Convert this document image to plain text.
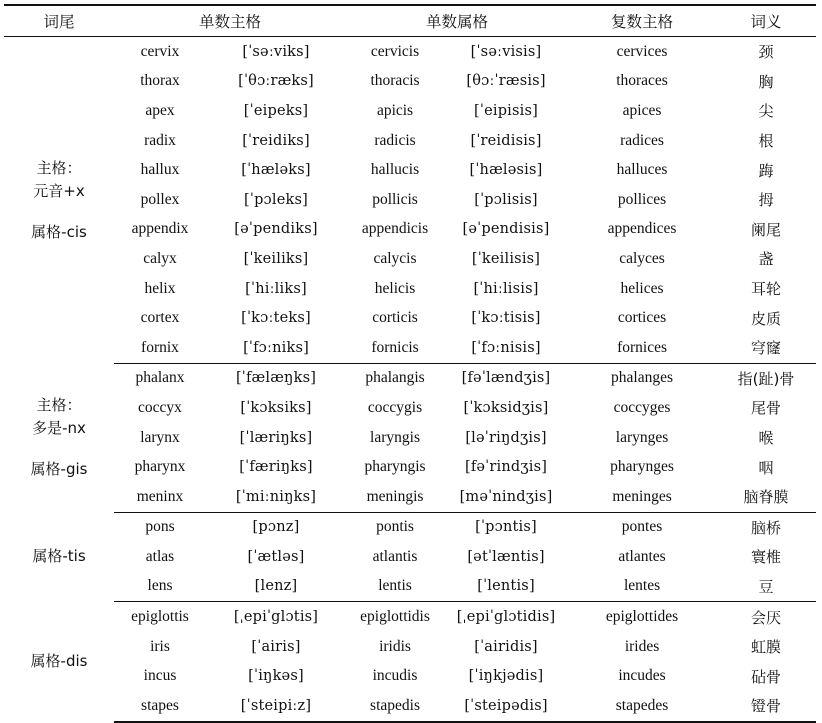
词尾	单数主格		单数属格		复数主格	词义

主格：
元音+x
属格-cis	cervix	[ˈsəːviks]	cervicis	[ˈsəːvisis]	cervices	颈
	thorax	[ˈθɔːræks]	thoracis	[θɔːˈræsis]	thoraces	胸
	apex	[ˈeipeks]	apicis	[ˈeipisis]	apices	尖
	radix	[ˈreidiks]	radicis	[ˈreidisis]	radices	根
	hallux	[ˈhæləks]	hallucis	[ˈhæləsis]	halluces	踇
	pollex	[ˈpɔleks]	pollicis	[ˈpɔlisis]	pollices	拇
	appendix	[əˈpendiks]	appendicis	[əˈpendisis]	appendices	阑尾
	calyx	[ˈkeiliks]	calycis	[ˈkeilisis]	calyces	盏
	helix	[ˈhiːliks]	helicis	[ˈhiːlisis]	helices	耳轮
	cortex	[ˈkɔːteks]	corticis	[ˈkɔːtisis]	cortices	皮质
	fornix	[ˈfɔːniks]	fornicis	[ˈfɔːnisis]	fornices	穹窿

主格：
多是-nx
属格-gis	phalanx	[ˈfælæŋks]	phalangis	[fəˈlændʒis]	phalanges	指(趾)骨
	coccyx	[ˈkɔksiks]	coccygis	[ˈkɔksidʒis]	coccyges	尾骨
	larynx	[ˈlæriŋks]	laryngis	[ləˈriŋdʒis]	larynges	喉
	pharynx	[ˈfæriŋks]	pharyngis	[fəˈrindʒis]	pharynges	咽
	meninx	[ˈmiːniŋks]	meningis	[məˈnindʒis]	meninges	脑脊膜

属格-tis	pons	[pɔnz]	pontis	[ˈpɔntis]	pontes	脑桥
	atlas	[ˈætləs]	atlantis	[ətˈlæntis]	atlantes	寰椎
	lens	[lenz]	lentis	[ˈlentis]	lentes	豆

属格-dis	epiglottis	[ˌepiˈglɔtis]	epiglottidis	[ˌepiˈglɔtidis]	epiglottides	会厌
	iris	[ˈairis]	iridis	[ˈairidis]	irides	虹膜
	incus	[ˈiŋkəs]	incudis	[ˈiŋkjədis]	incudes	砧骨
	stapes	[ˈsteipiːz]	stapedis	[ˈsteipədis]	stapedes	镫骨
